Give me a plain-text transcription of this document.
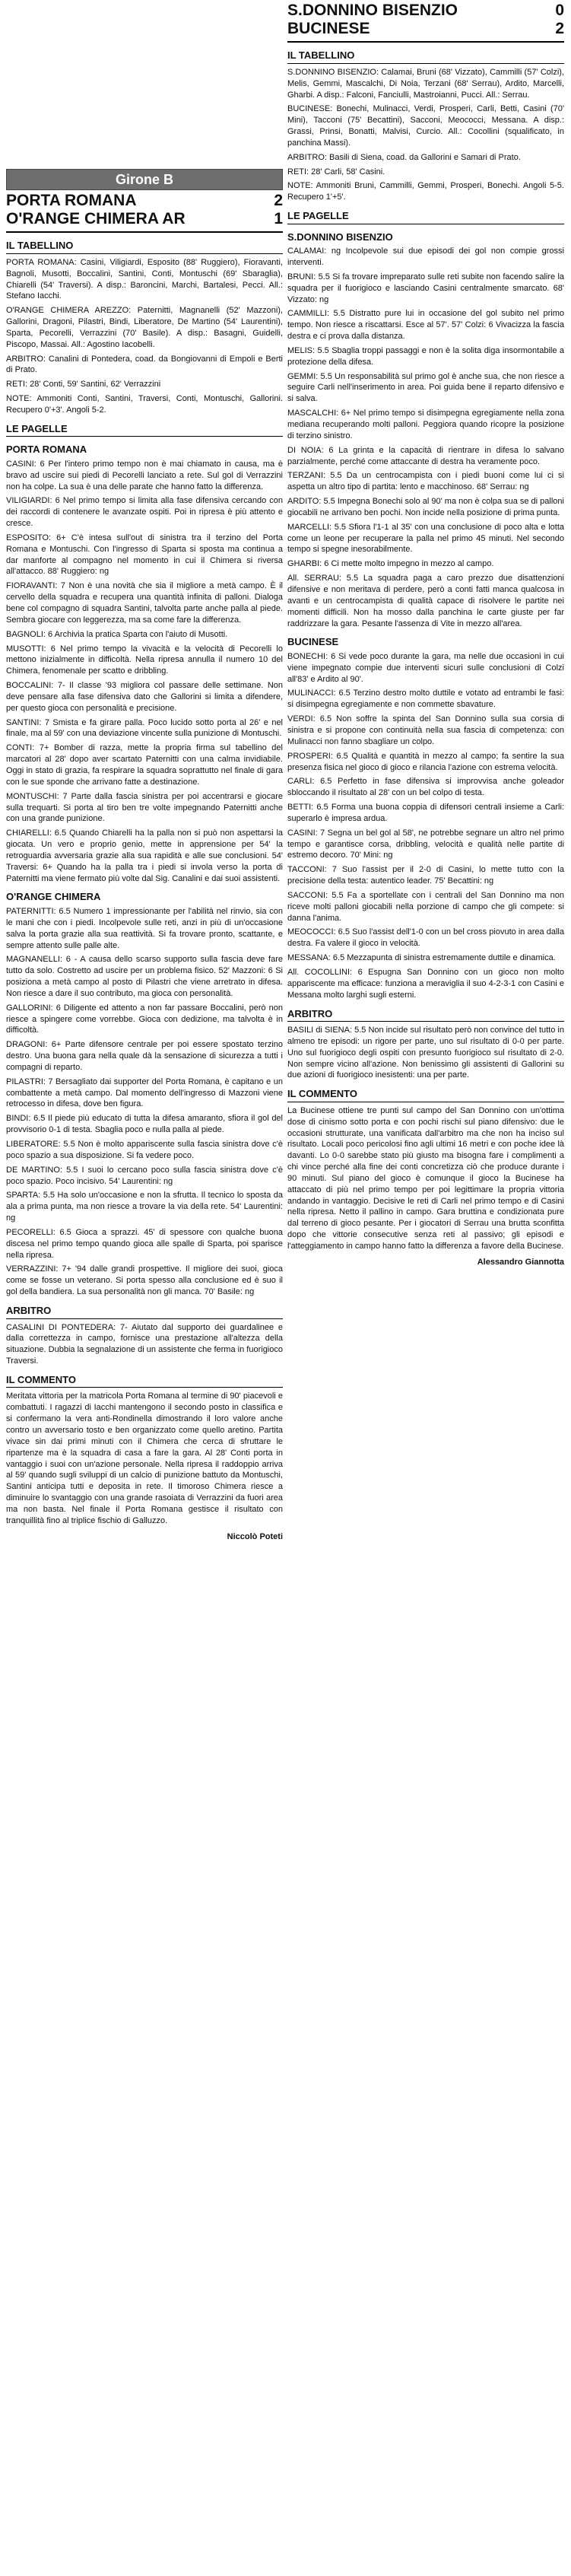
S.DONNINO BISENZIO	0
BUCINESE	2
IL TABELLINO

S.DONNINO BISENZIO: Calamai, Bruni (68' Vizzato), Cammilli (57' Colzi), Melis, Gemmi, Mascalchi, Di Noia, Terzani (68' Serrau), Ardito, Marcelli, Gharbi. A disp.: Falconi, Fanciulli, Mastroianni, Pucci. All.: Serrau.

BUCINESE: Bonechi, Mulinacci, Verdi, Prosperi, Carli, Betti, Casini (70' Mini), Tacconi (75' Becattini), Sacconi, Meococci, Messana. A disp.: Grassi, Prinsi, Bonatti, Malvisi, Curcio. All.: Cocollini (squalificato, in panchina Massi).

ARBITRO: Basili di Siena, coad. da Gallorini e Samari di Prato.

RETI: 28' Carli, 58' Casini.

NOTE: Ammoniti Bruni, Cammilli, Gemmi, Prosperi, Bonechi. Angoli 5-5. Recupero 1'+5'.

LE PAGELLE
S.DONNINO BISENZIO

CALAMAI: ng Incolpevole sui due episodi dei gol non compie grossi interventi.

BRUNI: 5.5 Si fa trovare impreparato sulle reti subite non facendo salire la squadra per il fuorigioco e lasciando Casini centralmente smarcato. 68' Vizzato: ng

CAMMILLI: 5.5 Distratto pure lui in occasione del gol subito nel primo tempo. Non riesce a riscattarsi. Esce al 57'. 57' Colzi: 6 Vivacizza la fascia destra e ci prova dalla distanza.

MELIS: 5.5 Sbaglia troppi passaggi e non è la solita diga insormontabile a protezione della difesa.

GEMMI: 5.5 Un responsabilità sul primo gol è anche sua, che non riesce a seguire Carli nell'inserimento in area. Poi guida bene il reparto difensivo e si salva.

MASCALCHI: 6+ Nel primo tempo si disimpegna egregiamente nella zona mediana recuperando molti palloni. Peggiora quando ricopre la posizione di terzino sinistro.

DI NOIA: 6 La grinta e la capacità di rientrare in difesa lo salvano parzialmente, perché come attaccante di destra ha veramente poco.

TERZANI: 5.5 Da un centrocampista con i piedi buoni come lui ci si aspetta un altro tipo di partita: lento e macchinoso. 68' Serrau: ng

ARDITO: 5.5 Impegna Bonechi solo al 90' ma non è colpa sua se di palloni giocabili ne arrivano ben pochi. Non incide nella posizione di prima punta.

MARCELLI: 5.5 Sfiora l'1-1 al 35' con una conclusione di poco alta e lotta come un leone per recuperare la palla nel primo 45 minuti. Nel secondo tempo si spegne inesorabilmente.

GHARBI: 6 Ci mette molto impegno in mezzo al campo.

All. SERRAU: 5.5 La squadra paga a caro prezzo due disattenzioni difensive e non meritava di perdere, però a conti fatti manca qualcosa in avanti e un centrocampista di qualità capace di risolvere le partite nei momenti difficili. Non ha mosso dalla panchina le carte giuste per far raddrizzare la gara. Pesante l'assenza di Vite in mezzo all'area.

BUCINESE

BONECHI: 6 Si vede poco durante la gara, ma nelle due occasioni in cui viene impegnato compie due interventi sicuri sulle conclusioni di Colzi all'83' e Ardito al 90'.

MULINACCI: 6.5 Terzino destro molto duttile e votato ad entrambi le fasi: si disimpegna egregiamente e non commette sbavature.

VERDI: 6.5 Non soffre la spinta del San Donnino sulla sua corsia di sinistra e si propone con continuità nella sua fascia di competenza: con Mulinacci non fanno sbagliare un colpo.

PROSPERI: 6.5 Qualità e quantità in mezzo al campo; fa sentire la sua presenza fisica nel gioco di gioco e rilancia l'azione con estrema velocità.

CARLI: 6.5 Perfetto in fase difensiva si improvvisa anche goleador sbloccando il risultato al 28' con un bel colpo di testa.

BETTI: 6.5 Forma una buona coppia di difensori centrali insieme a Carli: superarlo è impresa ardua.

CASINI: 7 Segna un bel gol al 58', ne potrebbe segnare un altro nel primo tempo e garantisce corsa, dribbling, velocità e qualità nelle partite di estremo decoro. 70' Mini: ng

TACCONI: 7 Suo l'assist per il 2-0 di Casini, lo mette tutto con la precisione della testa: autentico leader. 75' Becattini: ng

SACCONI: 5.5 Fa a sportellate con i centrali del San Donnino ma non riceve molti palloni giocabili nella porzione di campo che gli compete: si danna l'anima.

MEOCOCCI: 6.5 Suo l'assist dell'1-0 con un bel cross piovuto in area dalla destra. Fa valere il gioco in velocità.

MESSANA: 6.5 Mezzapunta di sinistra estremamente duttile e dinamica.

All. COCOLLINI: 6 Espugna San Donnino con un gioco non molto appariscente ma efficace: funziona a meraviglia il suo 4-2-3-1 con Casini e Messana molto larghi sugli esterni.

ARBITRO

BASILI di SIENA: 5.5 Non incide sul risultato però non convince del tutto in almeno tre episodi: un rigore per parte, uno sul risultato di 0-0 per parte. Uno sul fuorigioco degli ospiti con presunto fuorigioco sul risultato di 2-0. Non sempre vicino all'azione. Non benissimo gli assistenti di Gallorini su due azioni di fuorigioco inesistenti: una per parte.

IL COMMENTO

La Bucinese ottiene tre punti sul campo del San Donnino con un'ottima dose di cinismo sotto porta e con pochi rischi sul piano difensivo: due le occasioni strutturate, una vanificata dall'arbitro ma che non ha inciso sul risultato. Locali poco pericolosi fino agli ultimi 16 metri e con poche idee là davanti. Lo 0-0 sarebbe stato più giusto ma bisogna fare i complimenti a chi vince perché alla fine dei conti concretizza ciò che produce durante i 90 minuti. Sul piano del gioco è comunque il gioco la Bucinese ha attaccato di più nel primo tempo per poi legittimare la propria vittoria andando in vantaggio. Decisive le reti di Carli nel primo tempo e di Casini nella ripresa. Netto il pallino in campo. Gara bruttina e condizionata pure dal terreno di gioco pesante. Per i giocatori di Serrau una brutta sconfitta dopo che vittorie consecutive senza reti al passivo; gli episodi e l'atteggiamento in campo hanno fatto la differenza a favore della Bucinese.

Alessandro Giannotta
Girone B
PORTA ROMANA	2
O'RANGE CHIMERA AR	1
IL TABELLINO

PORTA ROMANA: Casini, Viligiardi, Esposito (88' Ruggiero), Fioravanti, Bagnoli, Musotti, Boccalini, Santini, Conti, Montuschi (69' Sbaraglia), Chiarelli (54' Traversi). A disp.: Baroncini, Marchi, Bartalesi, Pecci. All.: Stefano Iacchi.

O'RANGE CHIMERA AREZZO: Paternitti, Magnanelli (52' Mazzoni), Gallorini, Dragoni, Pilastri, Bindi, Liberatore, De Martino (54' Laurentini), Sparta, Pecorelli, Verrazzini (70' Basile). A disp.: Basagni, Guidelli, Piscopo, Massai. All.: Agostino Iacobelli.

ARBITRO: Canalini di Pontedera, coad. da Bongiovanni di Empoli e Berti di Prato.

RETI: 28' Conti, 59' Santini, 62' Verrazzini

NOTE: Ammoniti Conti, Santini, Traversi, Conti, Montuschi, Gallorini. Recupero 0'+3'. Angoli 5-2.

LE PAGELLE
PORTA ROMANA

CASINI: 6 Per l'intero primo tempo non è mai chiamato in causa, ma è bravo ad uscire sui piedi di Pecorelli lanciato a rete. Sul gol di Verrazzini non ha colpe. La sua è una delle parate che hanno fatto la differenza.

VILIGIARDI: 6 Nel primo tempo si limita alla fase difensiva cercando con dei raccordi di contenere le avanzate ospiti. Poi in ripresa è più attento e cresce.

ESPOSITO: 6+ C'è intesa sull'out di sinistra tra il terzino del Porta Romana e Montuschi. Con l'ingresso di Sparta si sposta ma continua a dar manforte al compagno nel momento in cui il Chimera si riversa all'attacco. 88' Ruggiero: ng

FIORAVANTI: 7 Non è una novità che sia il migliore a metà campo. È il cervello della squadra e recupera una quantità infinita di palloni. Dialoga bene col compagno di squadra Santini, talvolta parte anche palla al piede. Sembra giocare con leggerezza, ma sa come fare la differenza.

BAGNOLI: 6 Archivia la pratica Sparta con l'aiuto di Musotti.

MUSOTTI: 6 Nel primo tempo la vivacità e la velocità di Pecorelli lo mettono inizialmente in difficoltà. Nella ripresa annulla il numero 10 del Chimera, fenomenale per scatto e dribbling.

BOCCALINI: 7- Il classe '93 migliora col passare delle settimane. Non deve pensare alla fase difensiva dato che Gallorini si limita a difendere, per questo gioca con personalità e precisione.

SANTINI: 7 Smista e fa girare palla. Poco lucido sotto porta al 26' e nel finale, ma al 59' con una deviazione vincente sulla punizione di Montuschi.

CONTI: 7+ Bomber di razza, mette la propria firma sul tabellino del marcatori al 28' dopo aver scartato Paternitti con una calma invidiabile. Oggi in stato di grazia, fa respirare la squadra soprattutto nel finale di gara con le sue sponde che arrivano fatte a destinazione.

MONTUSCHI: 7 Parte dalla fascia sinistra per poi accentrarsi e giocare sulla trequarti. Si porta al tiro ben tre volte impegnando Paternitti anche con una grande punizione.

CHIARELLI: 6.5 Quando Chiarelli ha la palla non si può non aspettarsi la giocata. Un vero e proprio genio, mette in apprensione per 54' la retroguardia avversaria grazie alla sua rapidità e alle sue conclusioni. 54' Traversi: 6+ Quando ha la palla tra i piedi si invola verso la porta di Paternitti ma viene fermato più volte dal Sig. Canalini e dai suoi assistenti.

O'RANGE CHIMERA

PATERNITTI: 6.5 Numero 1 impressionante per l'abilità nel rinvio, sia con le mani che con i piedi. Incolpevole sulle reti, anzi in più di un'occasione salva la porta grazie alla sua reattività. Si fa trovare pronto, scattante, e sempre attento sulle palle alte.

MAGNANELLI: 6 - A causa dello scarso supporto sulla fascia deve fare tutto da solo. Costretto ad uscire per un problema fisico. 52' Mazzoni: 6 Si posiziona a metà campo al posto di Pilastri che viene arretrato in difesa. Non riesce a dare il suo contributo, ma gioca con personalità.

GALLORINI: 6 Diligente ed attento a non far passare Boccalini, però non riesce a spingere come vorrebbe. Gioca con dedizione, ma talvolta è in difficoltà.

DRAGONI: 6+ Parte difensore centrale per poi essere spostato terzino destro. Una buona gara nella quale dà la sensazione di sicurezza a tutti i compagni di reparto.

PILASTRI: 7 Bersagliato dai supporter del Porta Romana, è capitano e un combattente a metà campo. Dal momento dell'ingresso di Mazzoni viene retrocesso in difesa, dove ben figura.

BINDI: 6.5 Il piede più educato di tutta la difesa amaranto, sfiora il gol del provvisorio 0-1 di testa. Sbaglia poco e nulla palla al piede.

LIBERATORE: 5.5 Non è molto appariscente sulla fascia sinistra dove c'è poco spazio a sua disposizione. Si fa vedere poco.

DE MARTINO: 5.5 I suoi lo cercano poco sulla fascia sinistra dove c'è poco spazio. Poco incisivo. 54' Laurentini: ng

SPARTA: 5.5 Ha solo un'occasione e non la sfrutta. Il tecnico lo sposta da ala a prima punta, ma non riesce a trovare la via della rete. 54' Laurentini: ng

PECORELLI: 6.5 Gioca a sprazzi. 45' di spessore con qualche buona discesa nel primo tempo quando gioca alle spalle di Sparta, poi sparisce nella ripresa.

VERRAZZINI: 7+ '94 dalle grandi prospettive. Il migliore dei suoi, gioca come se fosse un veterano. Si porta spesso alla conclusione ed è suo il gol della bandiera. La sua personalità non gli manca. 70' Basile: ng

ARBITRO

CASALINI DI PONTEDERA: 7- Aiutato dal supporto dei guardalinee e dalla correttezza in campo, fornisce una prestazione all'altezza della situazione. Dubbia la segnalazione di un assistente che ferma in fuorigioco Traversi.

IL COMMENTO

Meritata vittoria per la matricola Porta Romana al termine di 90' piacevoli e combattuti. I ragazzi di Iacchi mantengono il secondo posto in classifica e si confermano la vera anti-Rondinella dimostrando il loro valore anche contro un avversario tosto e ben organizzato come quello aretino. Partita vivace sin dai primi minuti con il Chimera che cerca di sfruttare le ripartenze ma è la squadra di casa a fare la gara. Al 28' Conti porta in vantaggio i suoi con un'azione personale. Nella ripresa il raddoppio arriva al 59' quando sugli sviluppi di un calcio di punizione battuto da Montuschi, Santini anticipa tutti e deposita in rete. Il timoroso Chimera riesce a diminuire lo svantaggio con una grande rasoiata di Verrazzini da fuori area ma non basta. Nel finale il Porta Romana gestisce il risultato con tranquillità fino al triplice fischio di Galluzzo.

Niccolò Poteti
